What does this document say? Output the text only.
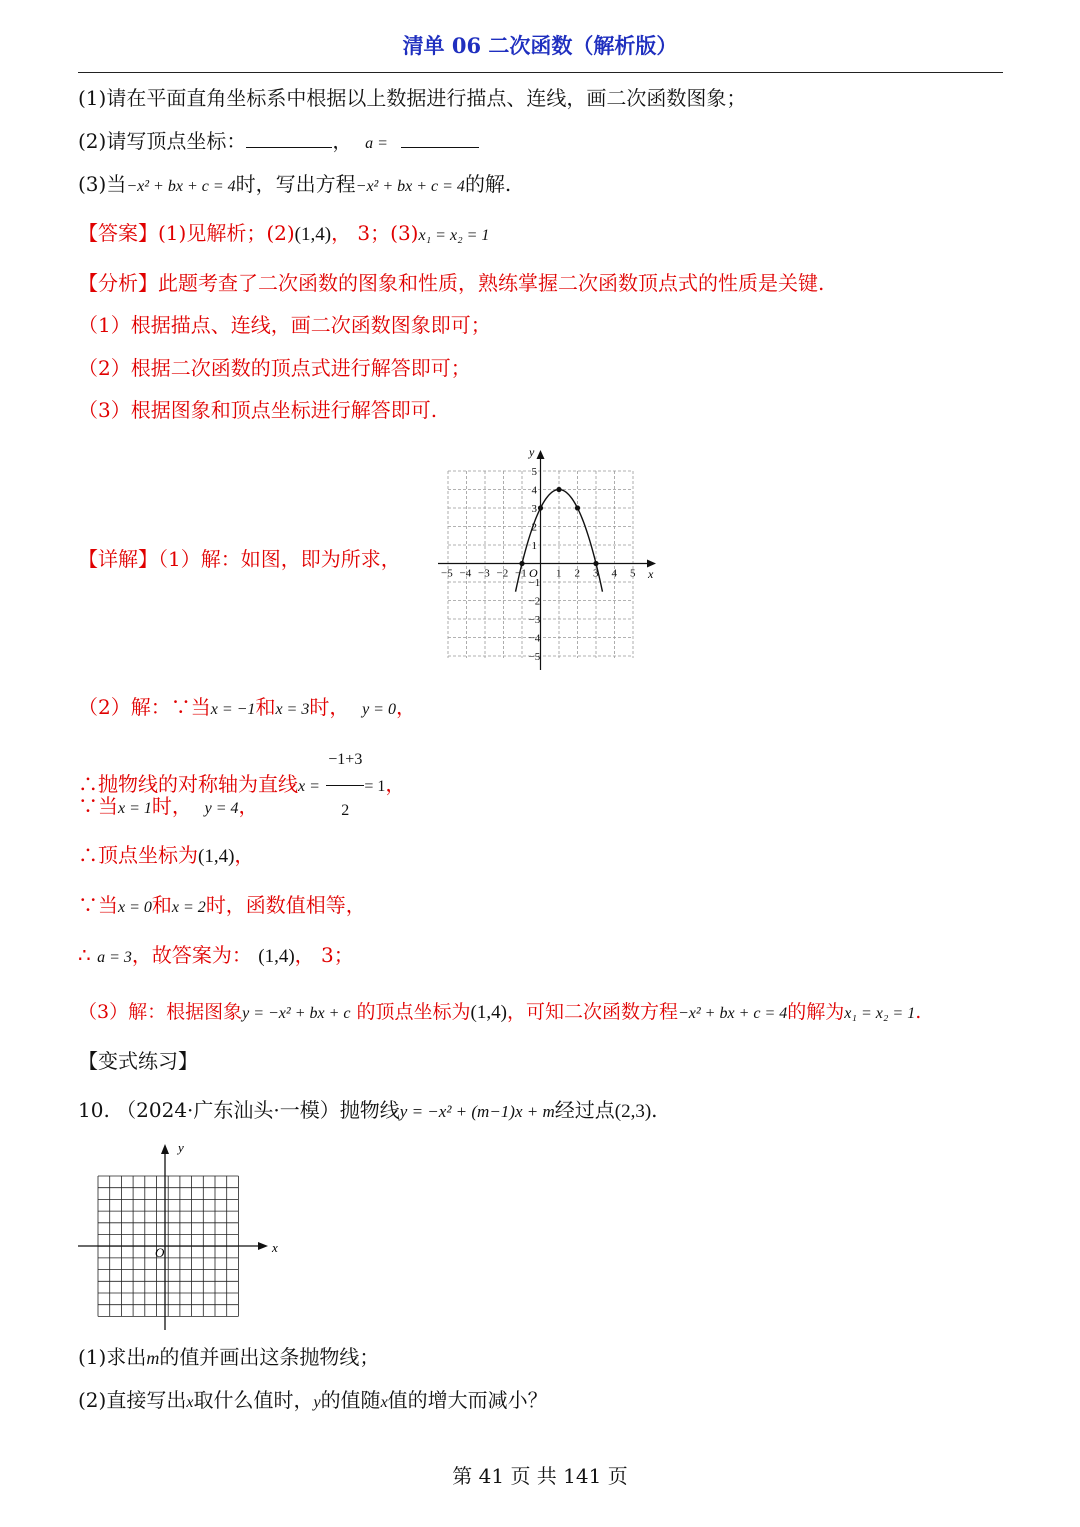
清单 06 二次函数（解析版）
(1)请在平面直角坐标系中根据以上数据进行描点、连线，画二次函数图象；
(2)请写顶点坐标：	， a =
(3)当−x² + bx + c = 4时，写出方程−x² + bx + c = 4的解.
【答案】(1)见解析；(2)(1,4)， 3；(3)x₁ = x₂ = 1
【分析】此题考查了二次函数的图象和性质，熟练掌握二次函数顶点式的性质是关键.
（1）根据描点、连线，画二次函数图象即可；
（2）根据二次函数的顶点式进行解答即可；
（3）根据图象和顶点坐标进行解答即可.
【详解】（1）解：如图，即为所求，
−5 −4 −3 −2 −1	1 2 3 4 5
5
4
3
2
1
−1
−2
−3
−4
−5
x
y
O
（2）解：∵当x = −1和x = 3时， y = 0，
∴抛物线的对称轴为直线$x = \frac{-1+3}{2} = 1$，
∵当x = 1时， y = 4，
∴顶点坐标为(1,4)，
∵当x = 0和x = 2时，函数值相等，
∴ a = 3，故答案为： (1,4)， 3；
（3）解：根据图象y = −x² + bx + c 的顶点坐标为(1,4)，可知二次函数方程−x² + bx + c = 4的解为x₁ = x₂ = 1.
【变式练习】
10. （2024·广东汕头·一模）抛物线y = −x² + (m−1)x + m经过点(2,3).
x
y
O
(1)求出m的值并画出这条抛物线；
(2)直接写出x取什么值时，y的值随x值的增大而减小？
第 41 页 共 141 页
